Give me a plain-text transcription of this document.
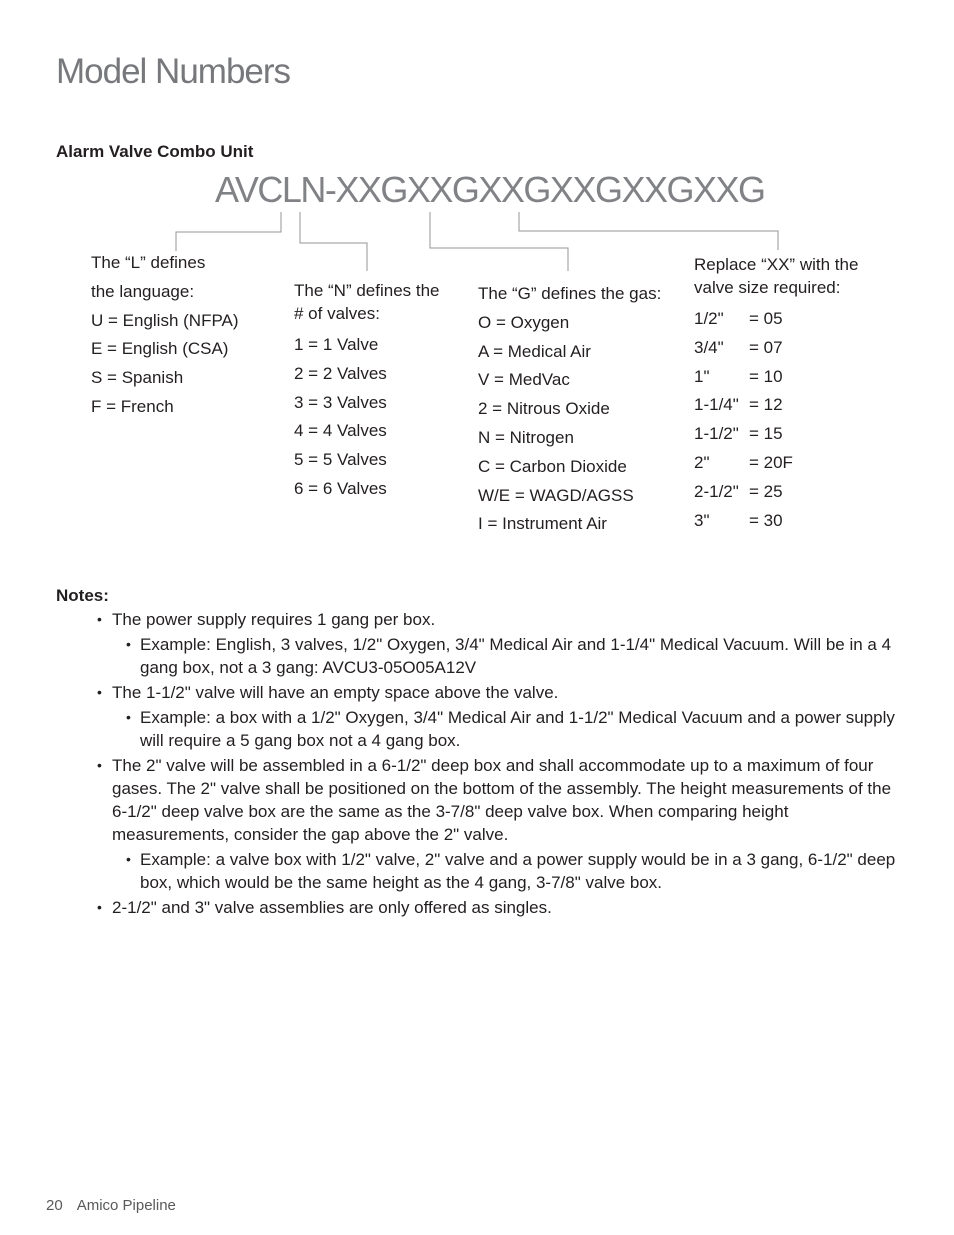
Model Numbers
Alarm Valve Combo Unit
AVCLN-XXGXXGXXGXXGXXGXXG
The “L” defines
the language:
U = English (NFPA)
E = English (CSA)
S = Spanish
F = French
The “N” defines the
# of valves:
1 = 1 Valve
2 = 2 Valves
3 = 3 Valves
4 = 4 Valves
5 = 5 Valves
6 = 6 Valves
The “G” defines the gas:
O = Oxygen
A = Medical Air
V = MedVac
2 = Nitrous Oxide
N = Nitrogen
C = Carbon Dioxide
W/E = WAGD/AGSS
I = Instrument Air
Replace “XX” with the
valve size required:
1/2"	= 05
3/4"	= 07
1"	= 10
1-1/4" = 12
1-1/2" = 15
2"	= 20F
2-1/2" = 25
3"	= 30
Notes:
• The power supply requires 1 gang per box.
• Example: English, 3 valves, 1/2" Oxygen, 3/4" Medical Air and 1-1/4" Medical Vacuum. Will be in a 4 gang box, not a 3 gang: AVCU3-05O05A12V
• The 1-1/2" valve will have an empty space above the valve.
• Example: a box with a 1/2" Oxygen, 3/4" Medical Air and 1-1/2" Medical Vacuum and a power supply will require a 5 gang box not a 4 gang box.
• The 2" valve will be assembled in a 6-1/2" deep box and shall accommodate up to a maximum of four gases. The 2" valve shall be positioned on the bottom of the assembly. The height measurements of the 6-1/2" deep valve box are the same as the 3-7/8" deep valve box. When comparing height measurements, consider the gap above the 2" valve.
• Example: a valve box with 1/2" valve, 2" valve and a power supply would be in a 3 gang, 6-1/2" deep box, which would be the same height as the 4 gang, 3-7/8" valve box.
• 2-1/2" and 3" valve assemblies are only offered as singles.
20 Amico Pipeline
